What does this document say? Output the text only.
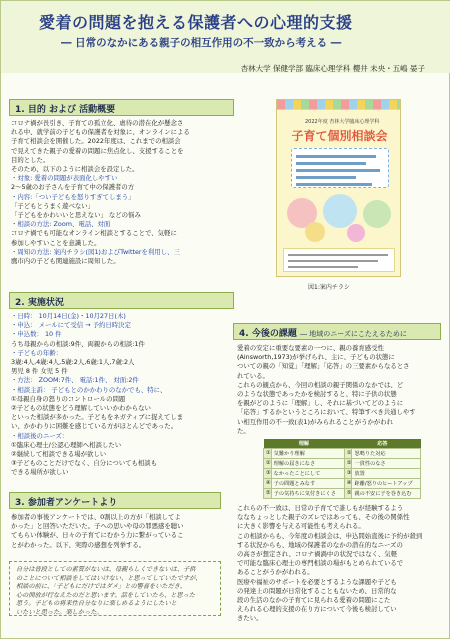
愛着の問題を抱える保護者への心理的支援
― 日常のなかにある親子の相互作用の不一致から考える ―
杏林大学 保健学部 臨床心理学科 櫻井 未央・五嶋 晏子
1. 目的 および 活動概要
コロナ禍が長引き、子育ての孤立化、虐待の潜在化が懸念さ
れる中、就学前の子どもの保護者を対象に、オンラインによる
子育て相談会を開催した。2022年度は、これまでの相談会
で見えてきた親子の愛着の問題に焦点化し、支援することを
目的とした。
そのため、以下のように相談会を設定した。
・対象: 愛着の問題が表面化しやすい
2～5歳のお子さんを子育て中の保護者の方
・内容:「つい子どもを怒りすぎてしまう」
「子どもとうまく遊べない」
「子どもをかわいいと思えない」 などの悩み
・相談の方法: Zoom、電話、対面
コロナ禍でも可能なオンライン相談とすることで、気軽に
参加しやすいことを意識した。
・周知の方法: 案内チラシ(図1)およびTwitterを利用し、三
鷹市内の子ども関連施設に周知した。
2022年度 杏林大学臨床心理学科
子育て個別相談会
図1:案内チラシ
2. 実施状況
・日時： 10月14日(金)・10月27日(木)
・申込： メールにて受信 → 予約日時決定
・申込数： 10 件
うち母親からの相談:9件、両親からの相談:1件
・子どもの年齢：
3歳:4人,4歳:4人,5歳:2人,6歳:1人,7歳:2人
男児 8 件 女児 5 件
・方法： ZOOM:7件、 電話:1件、 対面:2件
・相談主訴： 子どもとのかかわりのなかでも、特に、
①母親自身の怒りのコントロールの問題
②子どもの状態をどう理解していいかわからない
といった相談が多かった。子どもをネガティブに捉えてしま
い、かかわりに困難を感じている方がほとんどであった。
・相談後のニーズ：
①臨床心理士/公認心理師へ相談したい
②継続して相談できる場が欲しい
③子どものことだけでなく、自分についても相談も
できる場所が欲しい
3. 参加者アンケートより
参加者の事後アンケートでは、0割以上の方が「相談してよ
かった」と回答いただいた。子への思いや母の罪悪感を聴い
てもらい体験が、日々の子育てにむかう力に繋がっているこ
とがわかった。以下、実際の感想を列挙する。
自分は普段としての素質がないは、母親らしくできないは、子供
のことについて相談をしてはいけない、と思ってしていたですが、
相談の前に、「子どもにだけではダメ」との警喜をいただき、
心の開放が行なえたのだと思います。話をしていたら、と思った
思う。子どもの将来性自分なりに楽しめるようにしたいと
いたいと思った。楽しかった。
4. 今後の課題 ― 地域のニーズにこたえるために
愛着の安定に重要な要素の一つに、親の養育感受性
(Ainsworth,1973)が挙げられ、主に、子どもの状態に
ついての親の「知覚」「理解」「応答」の三要素からなるとさ
れている。
これらの観点から、今回の相談の親子関係のなかでは、ど
のような状態であったかを検討すると、特に子供の状態
を親がどのように「理解」し、それに基づいてどのように
「応答」するかというところにおいて、特筆すべき共通しやす
い相互作用の不一致(表1)がみられることがうかがわれ
た。
理解		応答	
①	気難かり理解	①	怒鳴りた対応
②	理解の届きになさ	②	一貫性のなさ
③	なかったことにして	③	放置
④	子の問題とみなす	④	距離/怒りのヒートアップ
⑤	子の気持ちに気付きにくさ	⑤	親の不安に子を巻き込む
これらの不一致は、日常の子育てで誰しもが経験するよう
ななちょっとした親子のズレではあっても、その後の関係性
に大きく影響を与える可能性も考えられる。
この相談からも、今年度の相談会は、申込間始直後に予約が殺到
する状況からも、地域の保護者のなかの潜在的なニーズの
の高さが想定され、コロナ禍渦中の状況ではなく、気軽
で可能な臨床心理士の専門相談の場がもとめられているで
あることがうかがわれる。
医療や福祉のサポートを必要とするような課題や子ども
の発達上の問題が日常化することもないため、日常的な
段の生活のなかの子育てに見られる愛着の問題にこた
えられる心理的支援の在り方について今後も検討してい
きたい。
